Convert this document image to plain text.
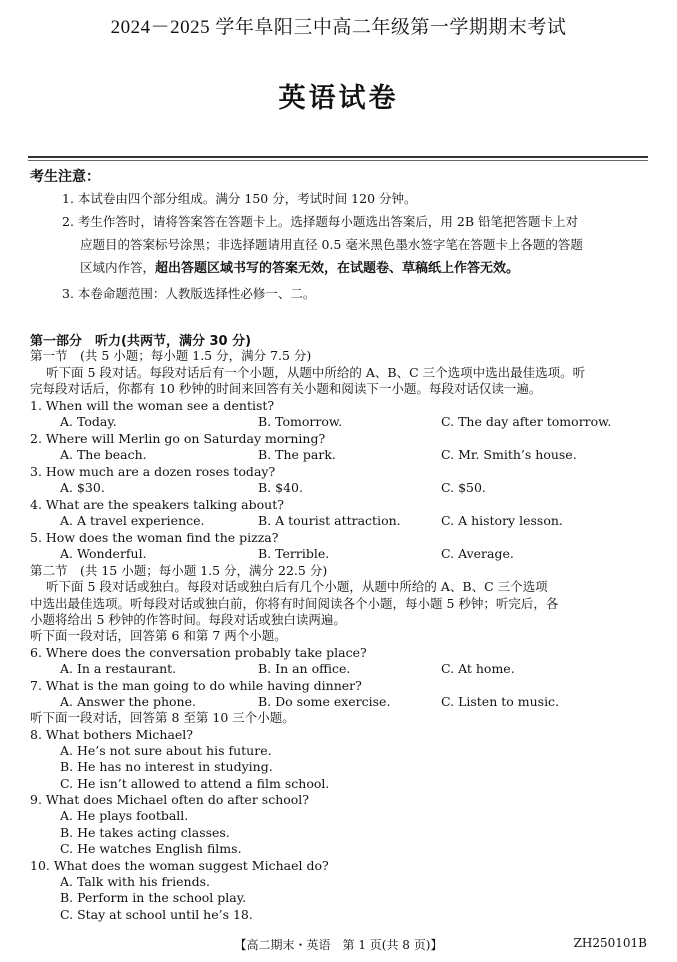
2024－2025 学年阜阳三中高二年级第一学期期末考试
英语试卷
考生注意：
1. 本试卷由四个部分组成。满分 150 分，考试时间 120 分钟。
2. 考生作答时，请将答案答在答题卡上。选择题每小题选出答案后，用 2B 铅笔把答题卡上对
应题目的答案标号涂黑；非选择题请用直径 0.5 毫米黑色墨水签字笔在答题卡上各题的答题
区域内作答，超出答题区域书写的答案无效，在试题卷、草稿纸上作答无效。
3. 本卷命题范围：人教版选择性必修一、二。
第一部分　听力(共两节，满分 30 分)
第一节　(共 5 小题；每小题 1.5 分，满分 7.5 分)
听下面 5 段对话。每段对话后有一个小题，从题中所给的 A、B、C 三个选项中选出最佳选项。听
完每段对话后，你都有 10 秒钟的时间来回答有关小题和阅读下一小题。每段对话仅读一遍。
1. When will the woman see a dentist?
A. Today.	B. Tomorrow.	C. The day after tomorrow.
2. Where will Merlin go on Saturday morning?
A. The beach.	B. The park.	C. Mr. Smith’s house.
3. How much are a dozen roses today?
A. $30.	B. $40.	C. $50.
4. What are the speakers talking about?
A. A travel experience.	B. A tourist attraction.	C. A history lesson.
5. How does the woman find the pizza?
A. Wonderful.	B. Terrible.	C. Average.
第二节　(共 15 小题；每小题 1.5 分，满分 22.5 分)
听下面 5 段对话或独白。每段对话或独白后有几个小题，从题中所给的 A、B、C 三个选项
中选出最佳选项。听每段对话或独白前，你将有时间阅读各个小题，每小题 5 秒钟；听完后，各
小题将给出 5 秒钟的作答时间。每段对话或独白读两遍。
听下面一段对话，回答第 6 和第 7 两个小题。
6. Where does the conversation probably take place?
A. In a restaurant.	B. In an office.	C. At home.
7. What is the man going to do while having dinner?
A. Answer the phone.	B. Do some exercise.	C. Listen to music.
听下面一段对话，回答第 8 至第 10 三个小题。
8. What bothers Michael?
A. He’s not sure about his future.
B. He has no interest in studying.
C. He isn’t allowed to attend a film school.
9. What does Michael often do after school?
A. He plays football.
B. He takes acting classes.
C. He watches English films.
10. What does the woman suggest Michael do?
A. Talk with his friends.
B. Perform in the school play.
C. Stay at school until he’s 18.
【高二期末・英语　第 1 页(共 8 页)】	ZH250101B
